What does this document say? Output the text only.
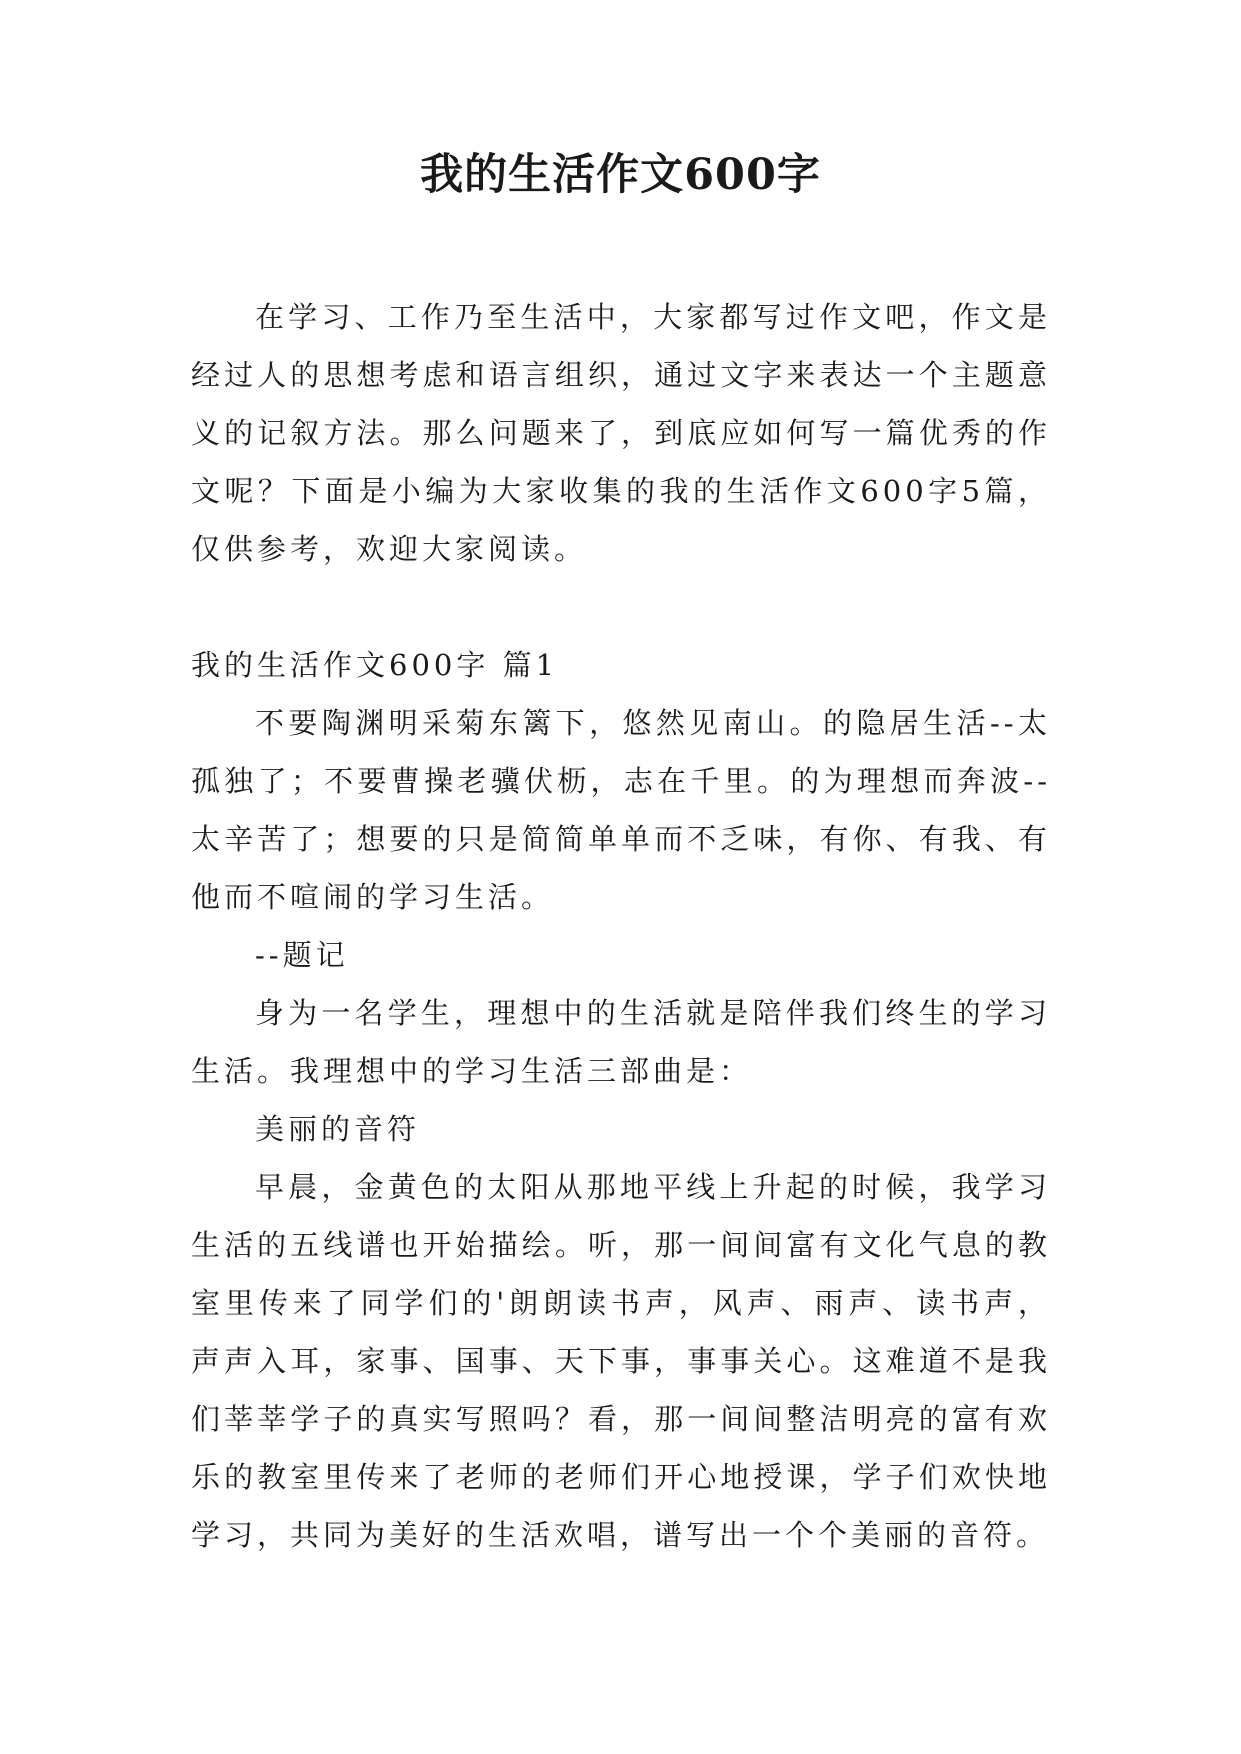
我的生活作文600字

在学习、工作乃至生活中，大家都写过作文吧，作文是经过人的思想考虑和语言组织，通过文字来表达一个主题意义的记叙方法。那么问题来了，到底应如何写一篇优秀的作文呢？下面是小编为大家收集的我的生活作文600字5篇，仅供参考，欢迎大家阅读。

我的生活作文600字 篇1

不要陶渊明采菊东篱下，悠然见南山。的隐居生活--太孤独了；不要曹操老骥伏枥，志在千里。的为理想而奔波--太辛苦了；想要的只是简简单单而不乏味，有你、有我、有他而不喧闹的学习生活。

--题记

身为一名学生，理想中的生活就是陪伴我们终生的学习生活。我理想中的学习生活三部曲是：

美丽的音符

早晨，金黄色的太阳从那地平线上升起的时候，我学习生活的五线谱也开始描绘。听，那一间间富有文化气息的教室里传来了同学们的'朗朗读书声，风声、雨声、读书声，声声入耳，家事、国事、天下事，事事关心。这难道不是我们莘莘学子的真实写照吗？看，那一间间整洁明亮的富有欢乐的教室里传来了老师的老师们开心地授课，学子们欢快地学习，共同为美好的生活欢唱，谱写出一个个美丽的音符。
